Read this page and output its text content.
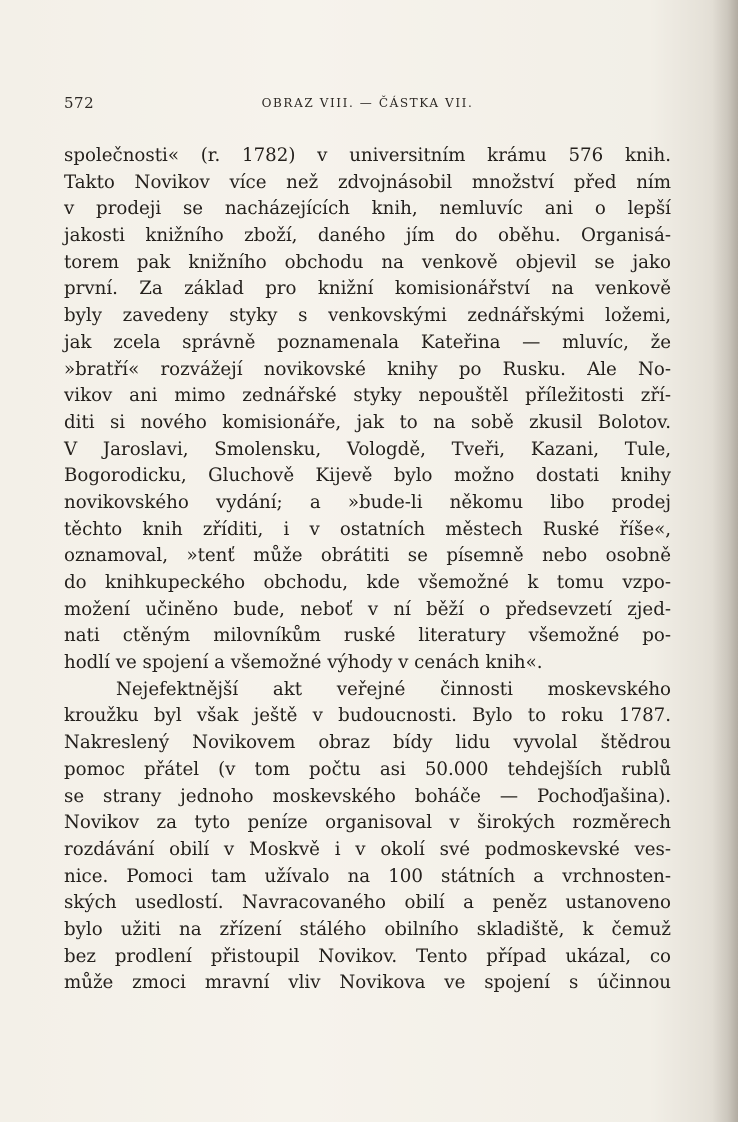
572	OBRAZ VIII. — ČÁSTKA VII.
společnosti« (r. 1782) v universitním krámu 576 knih.
Takto Novikov více než zdvojnásobil množství před ním
v prodeji se nacházejících knih, nemluvíc ani o lepší
jakosti knižního zboží, daného jím do oběhu. Organisá-
torem pak knižního obchodu na venkově objevil se jako
první. Za základ pro knižní komisionářství na venkově
byly zavedeny styky s venkovskými zednářskými ložemi,
jak zcela správně poznamenala Kateřina — mluvíc, že
»bratří« rozvážejí novikovské knihy po Rusku. Ale No-
vikov ani mimo zednářské styky nepouštěl příležitosti zří-
diti si nového komisionáře, jak to na sobě zkusil Bolotov.
V Jaroslavi, Smolensku, Vologdě, Tveři, Kazani, Tule,
Bogorodicku, Gluchově Kijevě bylo možno dostati knihy
novikovského vydání; a »bude-li někomu libo prodej
těchto knih zříditi, i v ostatních městech Ruské říše«,
oznamoval, »tenť může obrátiti se písemně nebo osobně
do knihkupeckého obchodu, kde všemožné k tomu vzpo-
možení učiněno bude, neboť v ní běží o předsevzetí zjed-
nati ctěným milovníkům ruské literatury všemožné po-
hodlí ve spojení a všemožné výhody v cenách knih«.
Nejefektnější akt veřejné činnosti moskevského
kroužku byl však ještě v budoucnosti. Bylo to roku 1787.
Nakreslený Novikovem obraz bídy lidu vyvolal štědrou
pomoc přátel (v tom počtu asi 50.000 tehdejších rublů
se strany jednoho moskevského boháče — Pochoďjašina).
Novikov za tyto peníze organisoval v širokých rozměrech
rozdávání obilí v Moskvě i v okolí své podmoskevské ves-
nice. Pomoci tam užívalo na 100 státních a vrchnosten-
ských usedlostí. Navracovaného obilí a peněz ustanoveno
bylo užiti na zřízení stálého obilního skladiště, k čemuž
bez prodlení přistoupil Novikov. Tento případ ukázal, co
může zmoci mravní vliv Novikova ve spojení s účinnou
